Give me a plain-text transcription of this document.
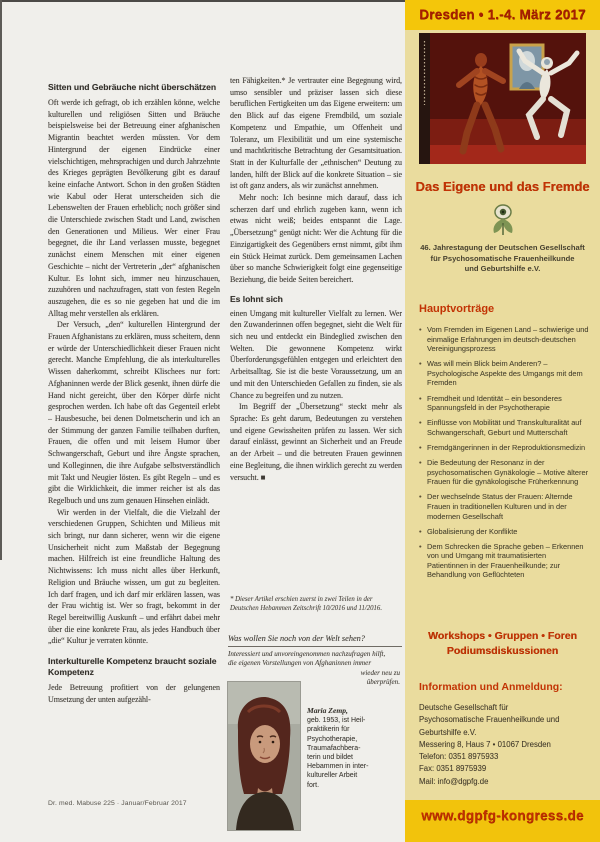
Sitten und Gebräuche nicht überschätzen

Oft werde ich gefragt, ob ich erzählen könne, welche kulturellen und religiösen Sitten und Bräuche beispielsweise bei der Betreuung einer afghanischen Migrantin beachtet werden müssten. Vor dem Hintergrund der eigenen Eindrücke einer vielschichtigen, mehrsprachigen und durch Jahrzehnte des Krieges geprägten Bevölkerung gibt es darauf keine einfache Antwort. Schon in den großen Städten wie Kabul oder Herat unterscheiden sich die Lebenswelten der Frauen erheblich; noch größer sind die Unterschiede zwischen Stadt und Land, zwischen den Generationen und Milieus. Wer einer Frau begegnet, die ihr Land verlassen musste, begegnet zunächst einem Menschen mit einer eigenen Geschichte – nicht der Vertreterin „der“ afghanischen Kultur. Es lohnt sich, immer neu hinzuschauen, zuzuhören und nachzufragen, statt von festen Regeln auszugehen, die es so nie gegeben hat und die im Alltag mehr verstellen als erklären.

Der Versuch, „den“ kulturellen Hintergrund der Frauen Afghanistans zu erklären, muss scheitern, denn er würde der Unterschiedlichkeit dieser Frauen nicht gerecht. Manche Empfehlung, die als interkulturelles Wissen daherkommt, schreibt Klischees nur fort: Afghaninnen werde der Blick gesenkt, ihnen dürfe die Hand nicht gereicht, über den Körper dürfe nicht gesprochen werden. Ich habe oft das Gegenteil erlebt – Hausbesuche, bei denen Dolmetscherin und ich an der Stimmung der ganzen Familie teilhaben durften, Frauen, die offen und mit leisem Humor über Schwangerschaft, Geburt und ihre Ängste sprachen, und Kolleginnen, die ihre Aufgabe selbstverständlich mit Takt und Neugier lösten. Es gibt Regeln – und es gibt die Wirklichkeit, die immer reicher ist als das Regelbuch und uns zum genauen Hinsehen einlädt.

Wir werden in der Vielfalt, die die Vielzahl der verschiedenen Gruppen, Schichten und Milieus mit sich bringt, nur dann sicherer, wenn wir die eigene Unsicherheit nicht zum Maßstab der Begegnung machen. Hilfreich ist eine freundliche Haltung des Nichtwissens: Ich muss nicht alles über Herkunft, Religion und Bräuche wissen, um gut zu begleiten. Ich darf fragen, und ich darf mir erklären lassen, was der Frau wichtig ist. Wer so fragt, bekommt in der Regel bereitwillig Auskunft – und erfährt dabei mehr über die eine konkrete Frau, als jedes Handbuch über „die“ Kultur je verraten könnte.

Interkulturelle Kompetenz braucht soziale Kompetenz

Jede Betreuung profitiert von der gelungenen Umsetzung der unten aufgezähl-

ten Fähigkeiten.* Je vertrauter eine Begegnung wird, umso sensibler und präziser lassen sich diese beruflichen Fertigkeiten um das Eigene erweitern: um den Blick auf das eigene Fremdbild, um soziale Kompetenz und Empathie, um Offenheit und Toleranz, um Flexibilität und um eine systemische und machtkritische Betrachtung der Gesamtsituation. Statt in der Kulturfalle der „ethnischen“ Deutung zu landen, hilft der Blick auf die konkrete Situation – sie ist oft ganz anders, als wir zunächst annehmen.

Mehr noch: Ich besinne mich darauf, dass ich scherzen darf und ehrlich zugeben kann, wenn ich etwas nicht weiß; beides entspannt die Lage. „Übersetzung“ genügt nicht: Wer die Achtung für die Einzigartigkeit des Gegenübers ernst nimmt, gibt ihm ein Stück Heimat zurück. Dem gemeinsamen Lachen über so manche Schwierigkeit folgt eine gegenseitige Beziehung, die beide Seiten bereichert.

Es lohnt sich

einen Umgang mit kultureller Vielfalt zu lernen. Wer den Zuwanderinnen offen begegnet, sieht die Welt für sich neu und entdeckt ein Bindeglied zwischen den Welten. Die gewonnene Kompetenz wirkt Überforderungsgefühlen entgegen und erleichtert den Arbeitsalltag. Sie ist die beste Voraussetzung, um an und mit den Unterschieden Gefallen zu finden, sie als Chance zu begreifen und zu nutzen.

Im Begriff der „Übersetzung“ steckt mehr als Sprache: Es geht darum, Bedeutungen zu verstehen und eigene Gewissheiten prüfen zu lassen. Wer sich darauf einlässt, gewinnt an Sicherheit und an Freude an der Arbeit – und die betreuten Frauen gewinnen eine Begleitung, die ihnen wirklich gerecht zu werden versucht. ■

* Dieser Artikel erschien zuerst in zwei Teilen in der
Deutschen Hebammen Zeitschrift 10/2016 und 11/2016.
Was wollen Sie noch von der Welt sehen?
Interessiert und unvoreingenommen nachzufragen hilft,
die eigenen Vorstellungen von Afghaninnen immer
wieder neu zu
überprüfen.
Maria Zemp,
geb. 1953, ist Heil-
praktikerin für
Psychotherapie,
Traumafachbera-
terin und bildet
Hebammen in inter-
kultureller Arbeit
fort.
Dr. med. Mabuse 225 · Januar/Februar 2017
Dresden • 1.-4. März 2017
Das Eigene und das Fremde
46. Jahrestagung der Deutschen Gesellschaft
für Psychosomatische Frauenheilkunde
und Geburtshilfe e.V.
Hauptvorträge
• Vom Fremden im Eigenen Land – schwierige und einmalige Erfahrungen im deutsch-deutschen Vereinigungsprozess
• Was will mein Blick beim Anderen? – Psychologische Aspekte des Umgangs mit dem Fremden
• Fremdheit und Identität – ein besonderes Spannungsfeld in der Psychotherapie
• Einflüsse von Mobilität und Transkulturalität auf Schwangerschaft, Geburt und Mutterschaft
• Fremdgängerinnen in der Reproduktionsmedizin
• Die Bedeutung der Resonanz in der psychosomatischen Gynäkologie – Motive älterer Frauen für die gynäkologische Früherkennung
• Der wechselnde Status der Frauen: Alternde Frauen in traditionellen Kulturen und in der modernen Gesellschaft
• Globalisierung der Konflikte
• Dem Schrecken die Sprache geben – Erkennen von und Umgang mit traumatisierten Patientinnen in der Frauenheilkunde; zur Behandlung von Geflüchteten
Workshops • Gruppen • Foren
Podiumsdiskussionen
Information und Anmeldung:
Deutsche Gesellschaft für
Psychosomatische Frauenheilkunde und
Geburtshilfe e.V.
Messering 8, Haus 7 • 01067 Dresden
Telefon: 0351 8975933
Fax: 0351 8975939
Mail: info@dgpfg.de
www.dgpfg-kongress.de
